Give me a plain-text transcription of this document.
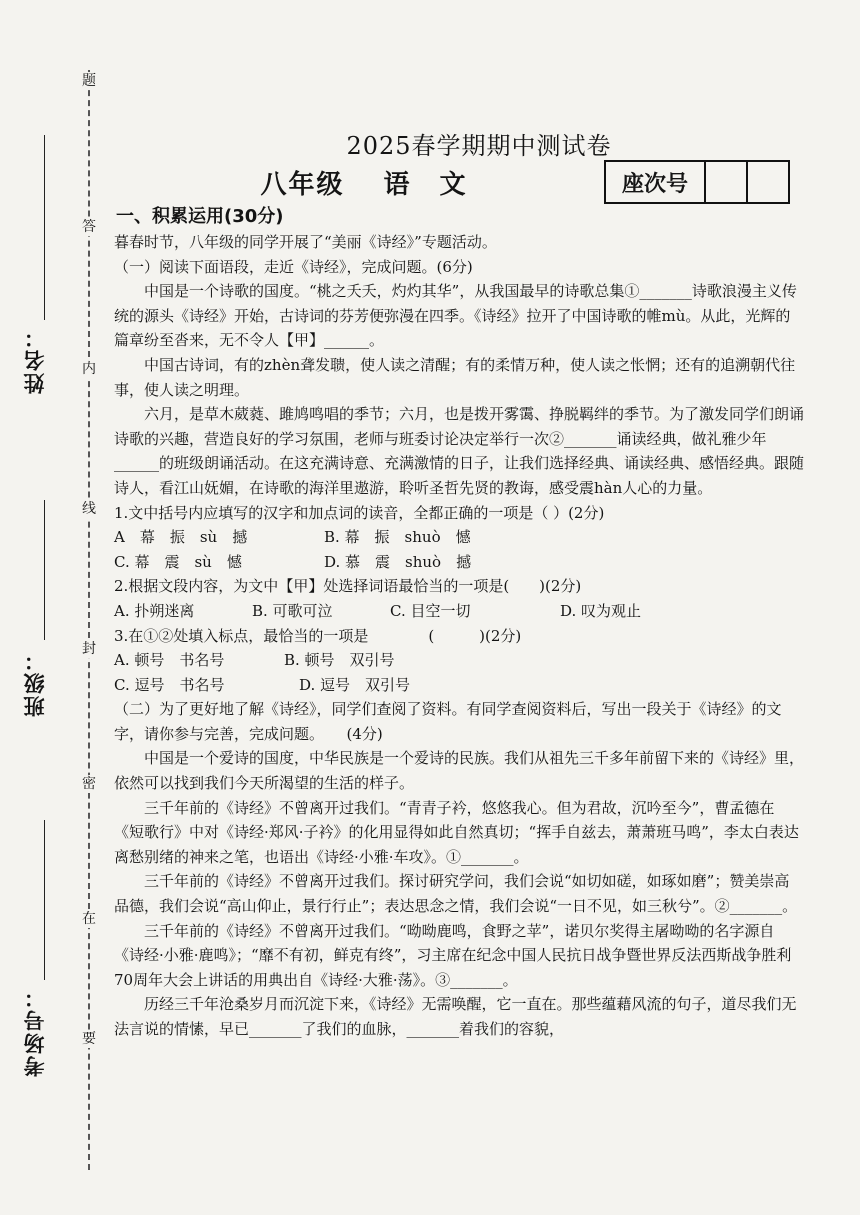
题
答
内
线
封
密
在
要
姓名：
班级：
考场号：
2025春学期期中测试卷
八年级　 语　文	座次号

一、积累运用(30分)

暮春时节，八年级的同学开展了“美丽《诗经》”专题活动。

（一）阅读下面语段，走近《诗经》，完成问题。(6分)

中国是一个诗歌的国度。“桃之夭夭，灼灼其华”，从我国最早的诗歌总集①_______诗歌浪漫主义传统的源头《诗经》开始，古诗词的芬芳便弥漫在四季。《诗经》拉开了中国诗歌的帷mù。从此，光辉的篇章纷至沓来，无不令人【甲】______。

中国古诗词，有的zhèn聋发聩，使人读之清醒；有的柔情万种，使人读之怅惘；还有的追溯朝代往事，使人读之明理。

六月，是草木葳蕤、雎鸠鸣唱的季节；六月，也是拨开雾霭、挣脱羁绊的季节。为了激发同学们朗诵诗歌的兴趣，营造良好的学习氛围，老师与班委讨论决定举行一次②_______诵读经典，做礼雅少年______的班级朗诵活动。在这充满诗意、充满激情的日子，让我们选择经典、诵读经典、感悟经典。跟随诗人，看江山妩媚，在诗歌的海洋里遨游，聆听圣哲先贤的教诲，感受震hàn人心的力量。

1.文中括号内应填写的汉字和加点词的读音，全都正确的一项是（ ）(2分)

A　幕　振　sù　撼	B. 幕　振　shuò　憾
C. 幕　震　sù　憾	D. 慕　震　shuò　撼

2.根据文段内容，为文中【甲】处选择词语最恰当的一项是(　　)(2分)

A. 扑朔迷离	B. 可歌可泣	C. 目空一切	D. 叹为观止

3.在①②处填入标点，最恰当的一项是　　　　(　　　)(2分)

A. 顿号　书名号	B. 顿号　双引号
C. 逗号　书名号	D. 逗号　双引号

（二）为了更好地了解《诗经》，同学们查阅了资料。有同学查阅资料后，写出一段关于《诗经》的文字，请你参与完善，完成问题。　　(4分)

中国是一个爱诗的国度，中华民族是一个爱诗的民族。我们从祖先三千多年前留下来的《诗经》里，依然可以找到我们今天所渴望的生活的样子。

三千年前的《诗经》不曾离开过我们。“青青子衿，悠悠我心。但为君故，沉吟至今”，曹孟德在《短歌行》中对《诗经·郑风·子衿》的化用显得如此自然真切；“挥手自兹去，萧萧班马鸣”，李太白表达离愁别绪的神来之笔，也语出《诗经·小雅·车攻》。①_______。

三千年前的《诗经》不曾离开过我们。探讨研究学问，我们会说“如切如磋，如琢如磨”；赞美崇高品德，我们会说“高山仰止，景行行止”；表达思念之情，我们会说“一日不见，如三秋兮”。②_______。

三千年前的《诗经》不曾离开过我们。“呦呦鹿鸣，食野之苹”，诺贝尔奖得主屠呦呦的名字源自《诗经·小雅·鹿鸣》；“靡不有初，鲜克有终”，习主席在纪念中国人民抗日战争暨世界反法西斯战争胜利70周年大会上讲话的用典出自《诗经·大雅·荡》。③_______。

历经三千年沧桑岁月而沉淀下来，《诗经》无需唤醒，它一直在。那些蕴藉风流的句子，道尽我们无法言说的情愫，早已_______了我们的血脉，_______着我们的容貌，
